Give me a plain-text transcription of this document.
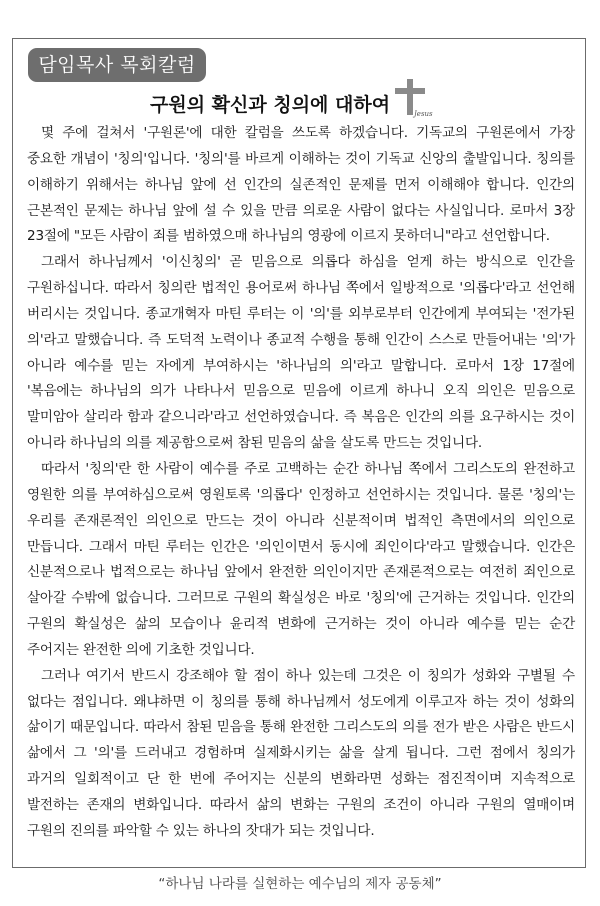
담임목사 목회칼럼
구원의 확신과 칭의에 대하여	Jesus

몇 주에 걸쳐서 '구원론'에 대한 칼럼을 쓰도록 하겠습니다. 기독교의 구원론에서 가장 중요한 개념이 '칭의'입니다. '칭의'를 바르게 이해하는 것이 기독교 신앙의 출발입니다. 칭의를 이해하기 위해서는 하나님 앞에 선 인간의 실존적인 문제를 먼저 이해해야 합니다. 인간의 근본적인 문제는 하나님 앞에 설 수 있을 만큼 의로운 사람이 없다는 사실입니다. 로마서 3장 23절에 "모든 사람이 죄를 범하였으매 하나님의 영광에 이르지 못하더니"라고 선언합니다.

그래서 하나님께서 '이신칭의' 곧 믿음으로 의롭다 하심을 얻게 하는 방식으로 인간을 구원하십니다. 따라서 칭의란 법적인 용어로써 하나님 쪽에서 일방적으로 '의롭다'라고 선언해 버리시는 것입니다. 종교개혁자 마틴 루터는 이 '의'를 외부로부터 인간에게 부여되는 '전가된 의'라고 말했습니다. 즉 도덕적 노력이나 종교적 수행을 통해 인간이 스스로 만들어내는 '의'가 아니라 예수를 믿는 자에게 부여하시는 '하나님의 의'라고 말합니다. 로마서 1장 17절에 '복음에는 하나님의 의가 나타나서 믿음으로 믿음에 이르게 하나니 오직 의인은 믿음으로 말미암아 살리라 함과 같으니라'라고 선언하였습니다. 즉 복음은 인간의 의를 요구하시는 것이 아니라 하나님의 의를 제공함으로써 참된 믿음의 삶을 살도록 만드는 것입니다.

따라서 '칭의'란 한 사람이 예수를 주로 고백하는 순간 하나님 쪽에서 그리스도의 완전하고 영원한 의를 부여하심으로써 영원토록 '의롭다' 인정하고 선언하시는 것입니다. 물론 '칭의'는 우리를 존재론적인 의인으로 만드는 것이 아니라 신분적이며 법적인 측면에서의 의인으로 만듭니다. 그래서 마틴 루터는 인간은 '의인이면서 동시에 죄인이다'라고 말했습니다. 인간은 신분적으로나 법적으로는 하나님 앞에서 완전한 의인이지만 존재론적으로는 여전히 죄인으로 살아갈 수밖에 없습니다. 그러므로 구원의 확실성은 바로 '칭의'에 근거하는 것입니다. 인간의 구원의 확실성은 삶의 모습이나 윤리적 변화에 근거하는 것이 아니라 예수를 믿는 순간 주어지는 완전한 의에 기초한 것입니다.

그러나 여기서 반드시 강조해야 할 점이 하나 있는데 그것은 이 칭의가 성화와 구별될 수 없다는 점입니다. 왜냐하면 이 칭의를 통해 하나님께서 성도에게 이루고자 하는 것이 성화의 삶이기 때문입니다. 따라서 참된 믿음을 통해 완전한 그리스도의 의를 전가 받은 사람은 반드시 삶에서 그 '의'를 드러내고 경험하며 실제화시키는 삶을 살게 됩니다. 그런 점에서 칭의가 과거의 일회적이고 단 한 번에 주어지는 신분의 변화라면 성화는 점진적이며 지속적으로 발전하는 존재의 변화입니다. 따라서 삶의 변화는 구원의 조건이 아니라 구원의 열매이며 구원의 진의를 파악할 수 있는 하나의 잣대가 되는 것입니다.

“하나님 나라를 실현하는 예수님의 제자 공동체”
